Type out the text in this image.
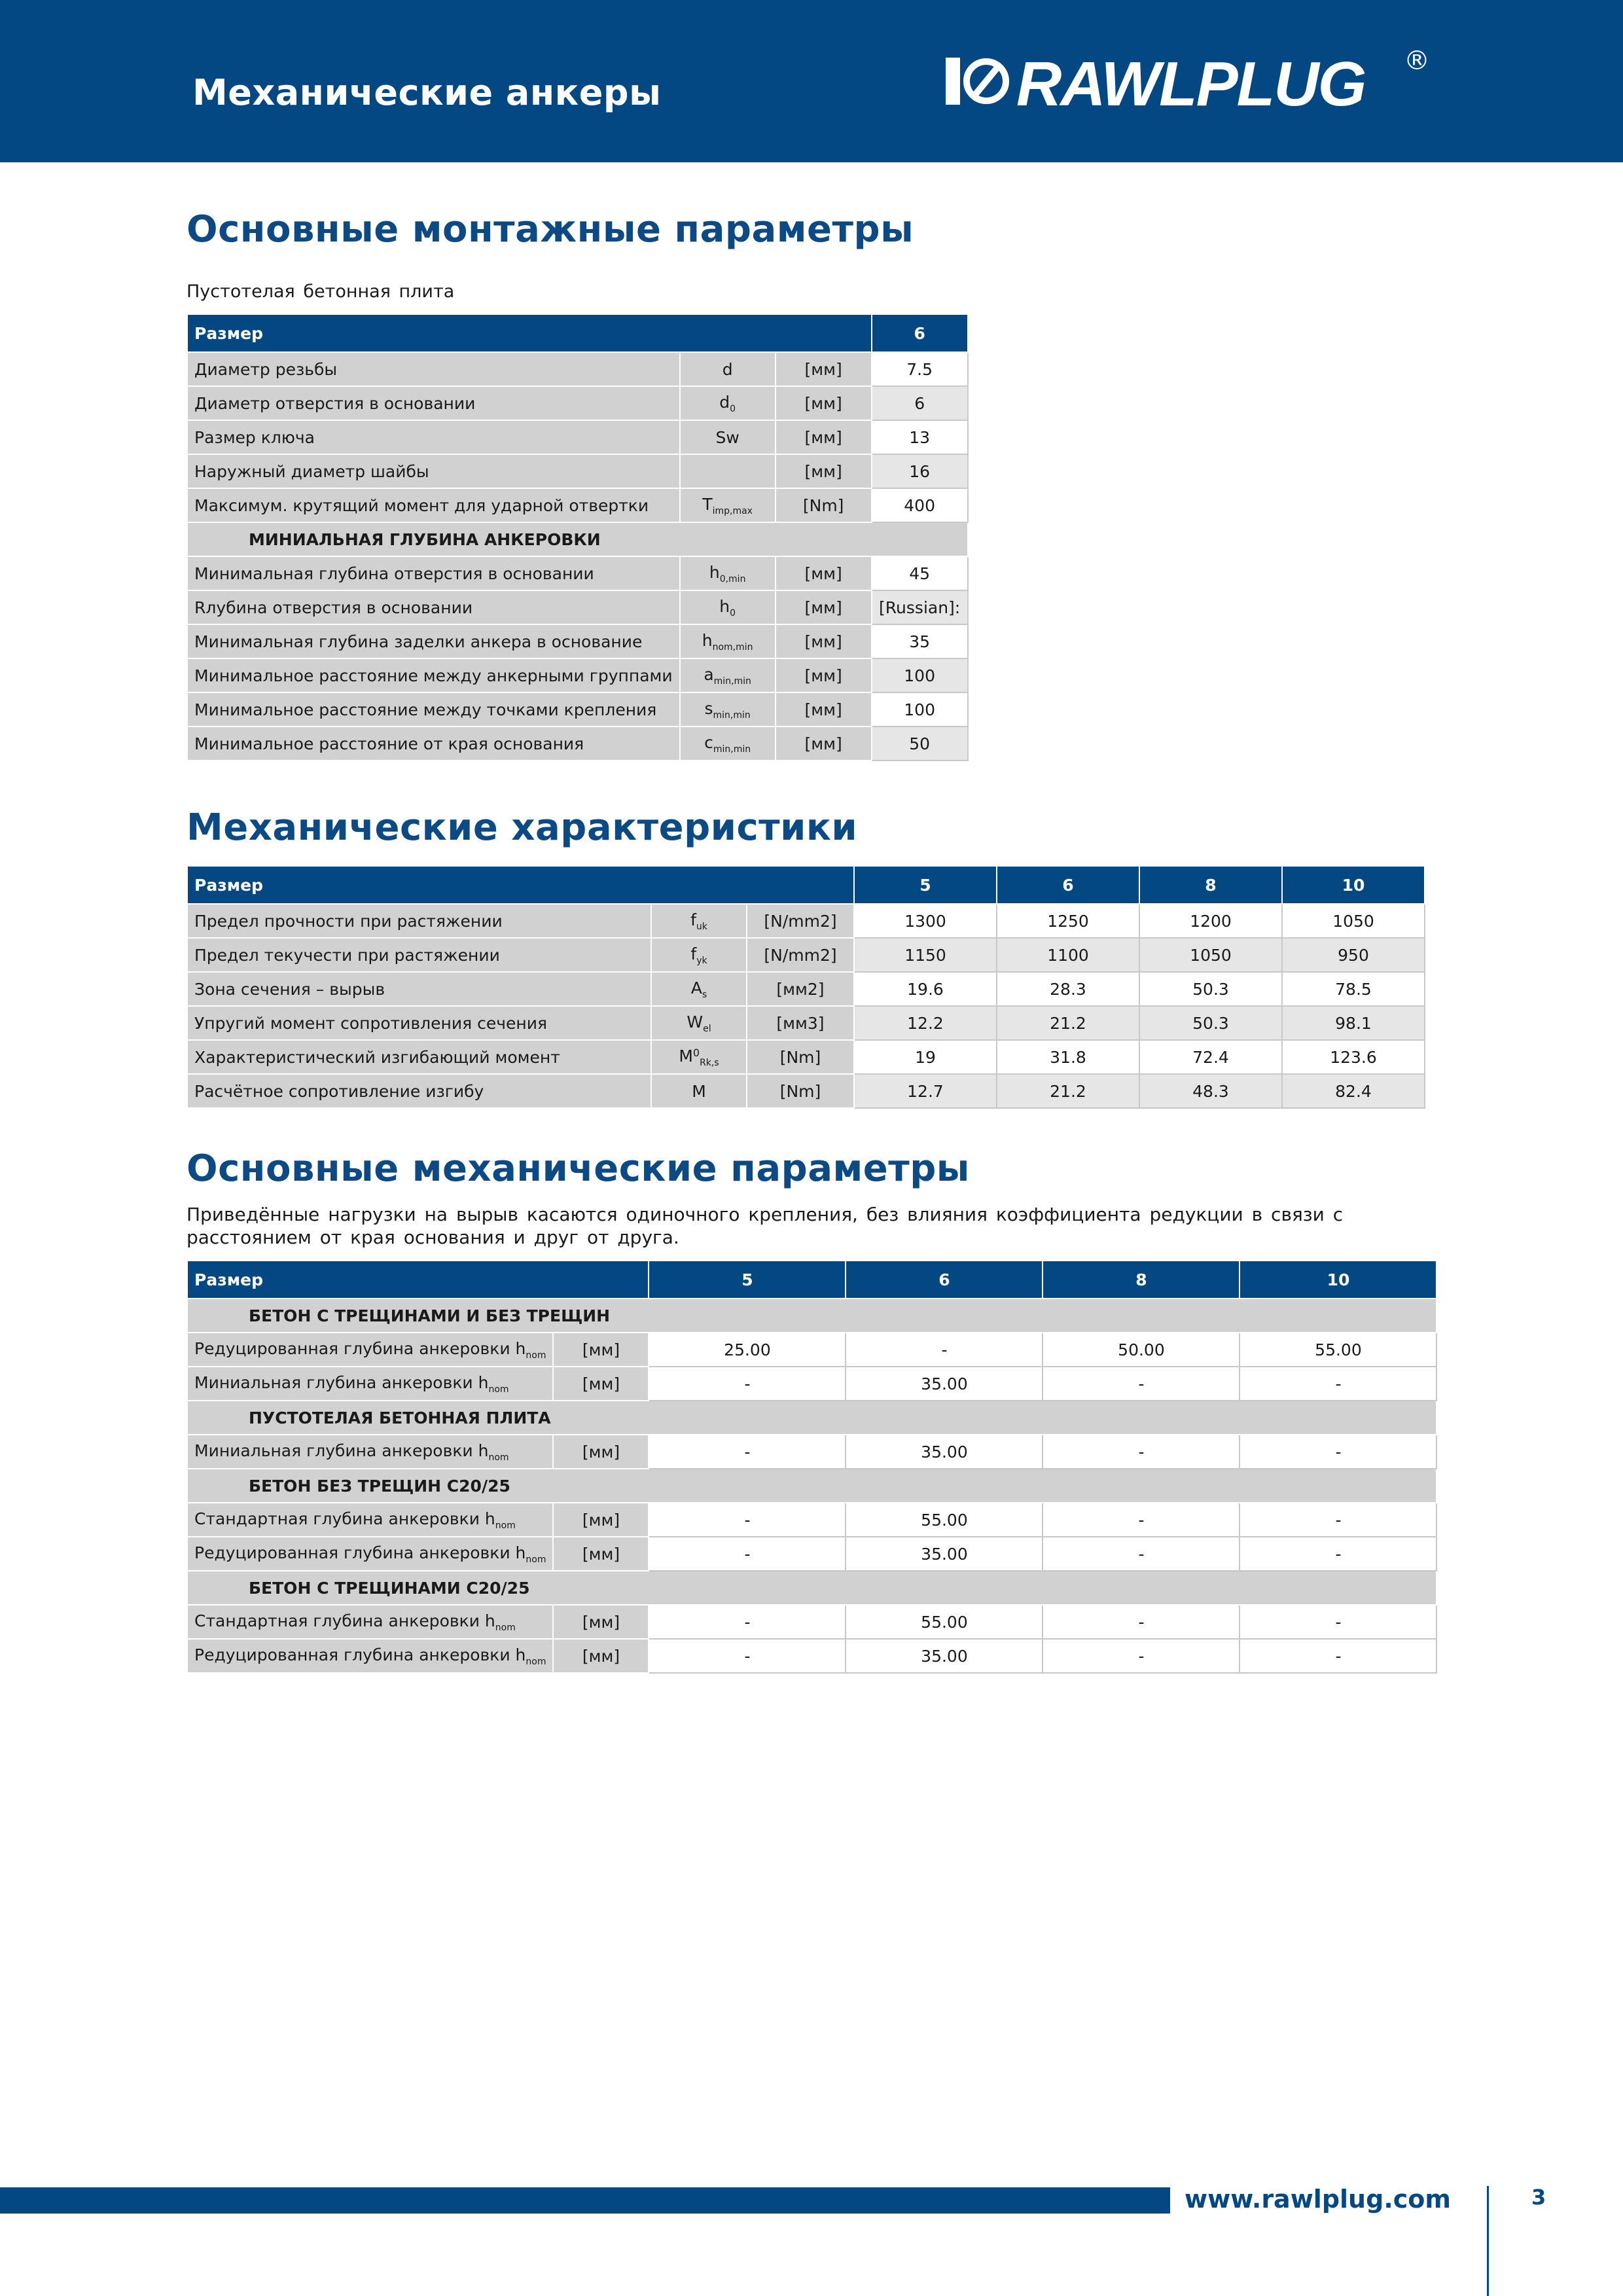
Механические анкеры	RAWLPLUG ®
Основные монтажные параметры
Пустотелая бетонная плита
Размер			6
Диаметр резьбы	d	[мм]	7.5
Диаметр отверстия в основании	$d_0$	[мм]	6
Размер ключа	Sw	[мм]	13
Наружный диаметр шайбы		[мм]	16
Максимум. крутящий момент для ударной отвертки	$T_{imp,max}$	[Nm]	400
МИНИАЛЬНАЯ ГЛУБИНА АНКЕРОВКИ			
Минимальная глубина отверстия в основании	$h_{0,min}$	[мм]	45
Rлубина отверстия в основании	$h_0$	[мм]	[Russian]:
Минимальная глубина заделки анкера в основание	$h_{nom,min}$	[мм]	35
Минимальное расстояние между анкерными группами	$a_{min,min}$	[мм]	100
Минимальное расстояние между точками крепления	$s_{min,min}$	[мм]	100
Минимальное расстояние от края основания	$c_{min,min}$	[мм]	50
Механические характеристики
Размер			5	6	8	10
Предел прочности при растяжении	$f_{uk}$	[N/mm2]	1300	1250	1200	1050
Предел текучести при растяжении	$f_{yk}$	[N/mm2]	1150	1100	1050	950
Зона сечения – вырыв	$A_s$	[мм2]	19.6	28.3	50.3	78.5
Упругий момент сопротивления сечения	$W_{el}$	[мм3]	12.2	21.2	50.3	98.1
Характеристический изгибающий момент	$M^0_{Rk,s}$	[Nm]	19	31.8	72.4	123.6
Расчётное сопротивление изгибу	M	[Nm]	12.7	21.2	48.3	82.4
Основные механические параметры
Приведённые нагрузки на вырыв касаются одиночного крепления, без влияния коэффициента редукции в связи с расстоянием от края основания и друг от друга.
Размер		5	6	8	10
БЕТОН С ТРЕЩИНАМИ И БЕЗ ТРЕЩИН					
Редуцированная глубина анкеровки $h_{nom}$	[мм]	25.00	-	50.00	55.00
Миниальная глубина анкеровки $h_{nom}$	[мм]	-	35.00	-	-
ПУСТОТЕЛАЯ БЕТОННАЯ ПЛИТА					
Миниальная глубина анкеровки $h_{nom}$	[мм]	-	35.00	-	-
БЕТОН БЕЗ ТРЕЩИН С20/25					
Стандартная глубина анкеровки $h_{nom}$	[мм]	-	55.00	-	-
Редуцированная глубина анкеровки $h_{nom}$	[мм]	-	35.00	-	-
БЕТОН С ТРЕЩИНАМИ С20/25					
Стандартная глубина анкеровки $h_{nom}$	[мм]	-	55.00	-	-
Редуцированная глубина анкеровки $h_{nom}$	[мм]	-	35.00	-	-
www.rawlplug.com	3
